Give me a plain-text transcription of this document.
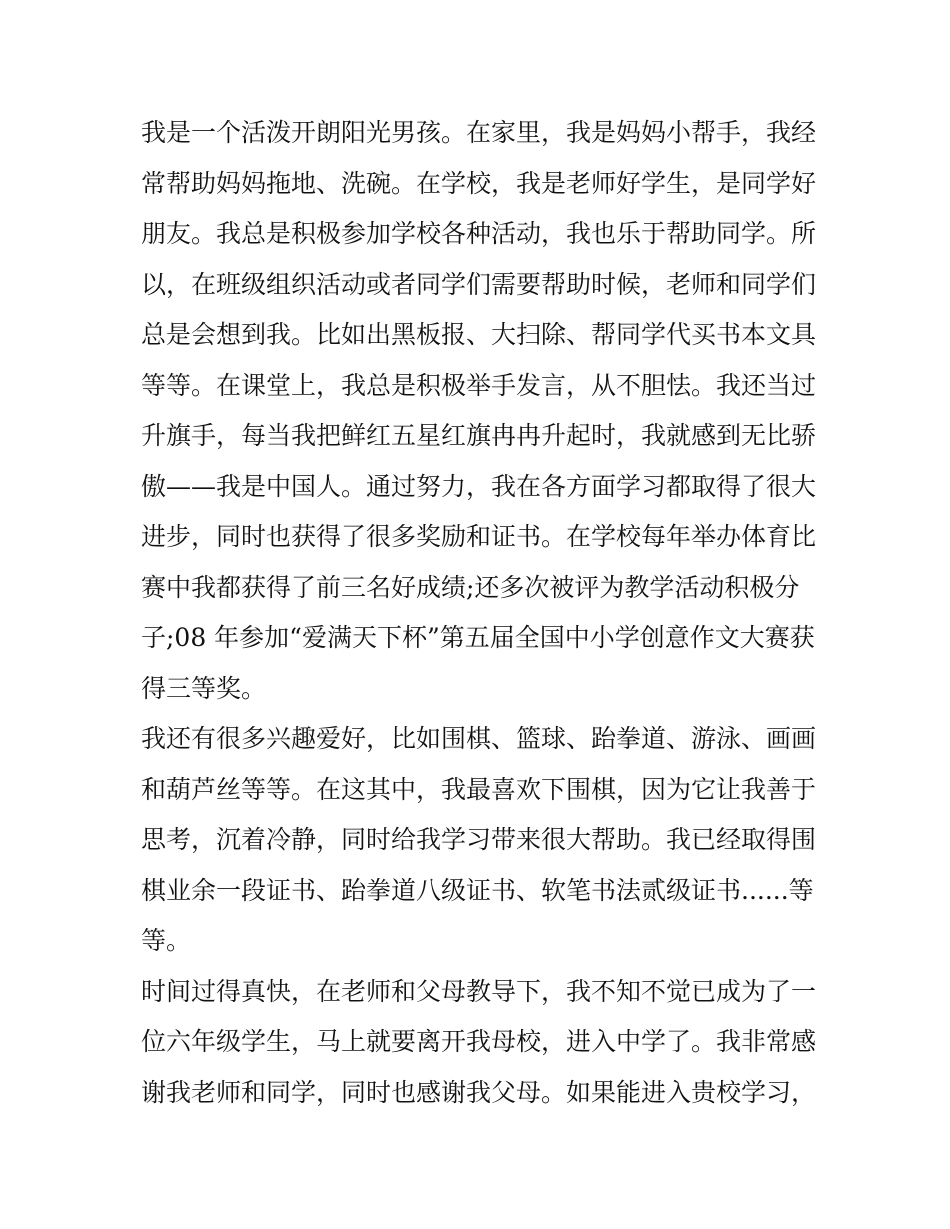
我是一个活泼开朗阳光男孩。在家里，我是妈妈小帮手，我经
常帮助妈妈拖地、洗碗。在学校，我是老师好学生，是同学好
朋友。我总是积极参加学校各种活动，我也乐于帮助同学。所
以，在班级组织活动或者同学们需要帮助时候，老师和同学们
总是会想到我。比如出黑板报、大扫除、帮同学代买书本文具
等等。在课堂上，我总是积极举手发言，从不胆怯。我还当过
升旗手，每当我把鲜红五星红旗冉冉升起时，我就感到无比骄
傲——我是中国人。通过努力，我在各方面学习都取得了很大
进步，同时也获得了很多奖励和证书。在学校每年举办体育比
赛中我都获得了前三名好成绩;还多次被评为教学活动积极分
子;08 年参加“爱满天下杯”第五届全国中小学创意作文大赛获
得三等奖。
我还有很多兴趣爱好，比如围棋、篮球、跆拳道、游泳、画画
和葫芦丝等等。在这其中，我最喜欢下围棋，因为它让我善于
思考，沉着冷静，同时给我学习带来很大帮助。我已经取得围
棋业余一段证书、跆拳道八级证书、软笔书法贰级证书......等
等。
时间过得真快，在老师和父母教导下，我不知不觉已成为了一
位六年级学生，马上就要离开我母校，进入中学了。我非常感
谢我老师和同学，同时也感谢我父母。如果能进入贵校学习，
